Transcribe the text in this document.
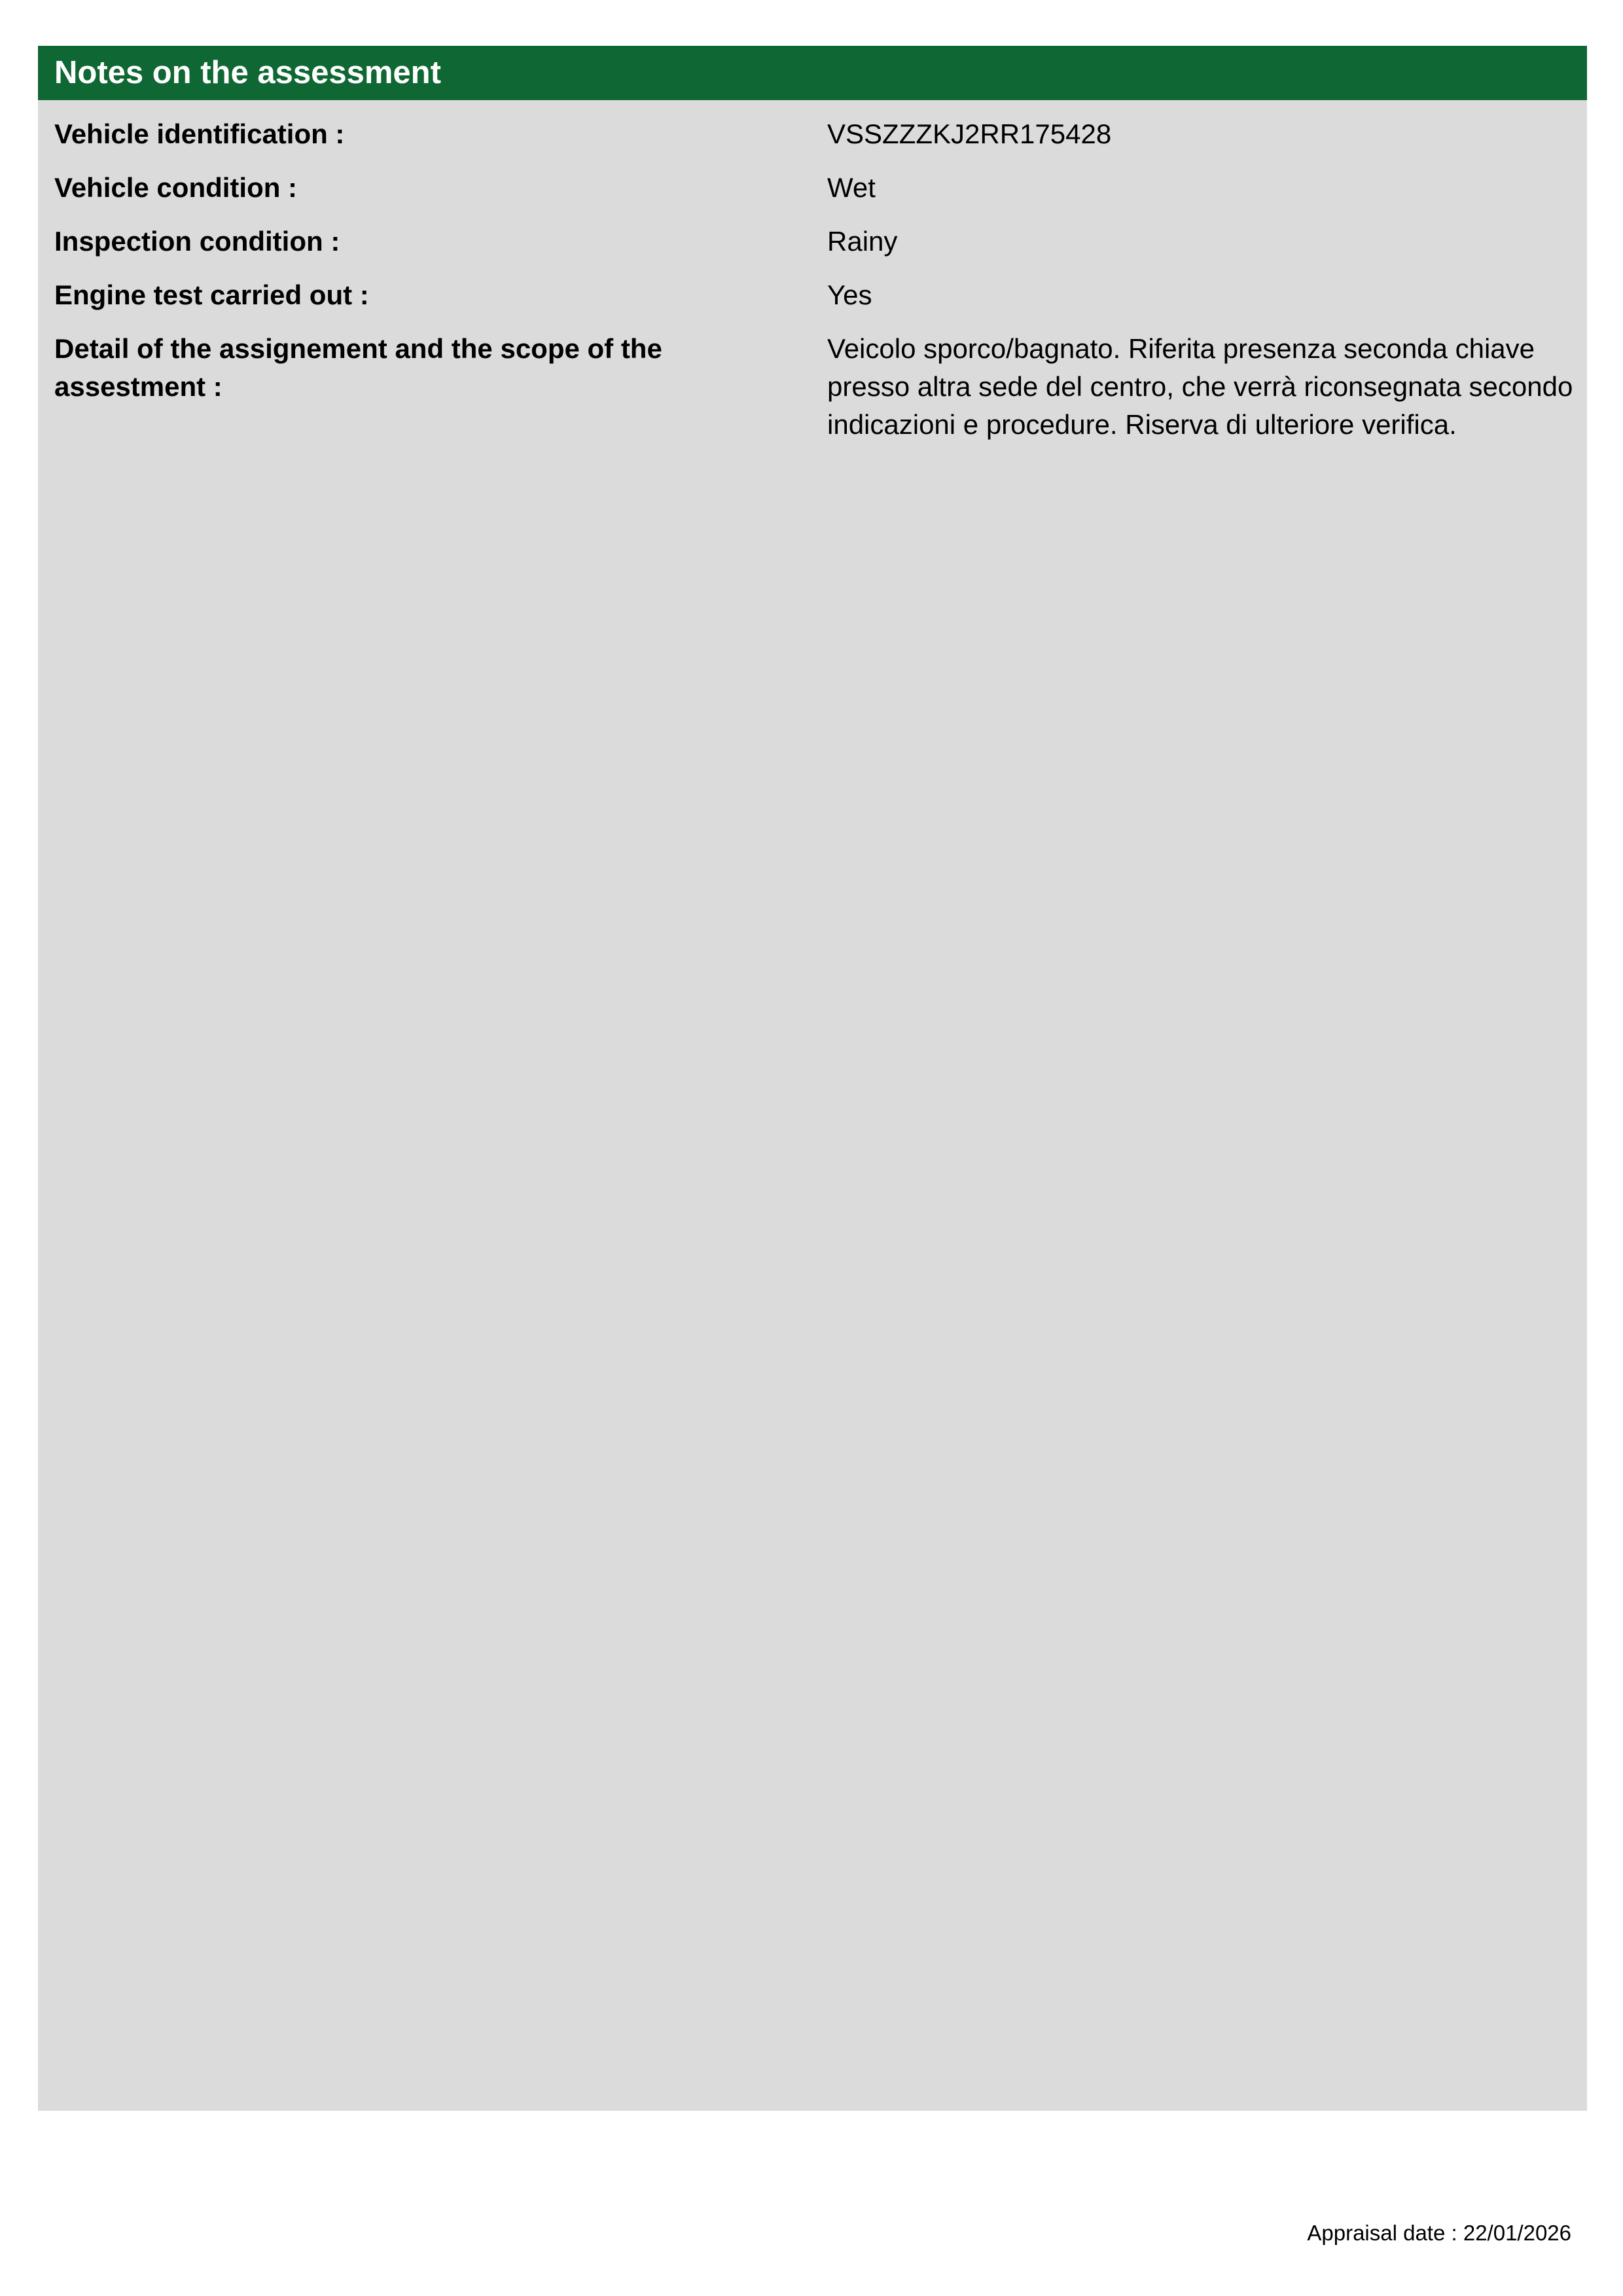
Notes on the assessment
Vehicle identification :	VSSZZZKJ2RR175428
Vehicle condition :	Wet
Inspection condition :	Rainy
Engine test carried out :	Yes
Detail of the assignement and the scope of the assestment :
Veicolo sporco/bagnato. Riferita presenza seconda chiave presso altra sede del centro, che verrà riconsegnata secondo indicazioni e procedure. Riserva di ulteriore verifica.
Appraisal date : 22/01/2026
